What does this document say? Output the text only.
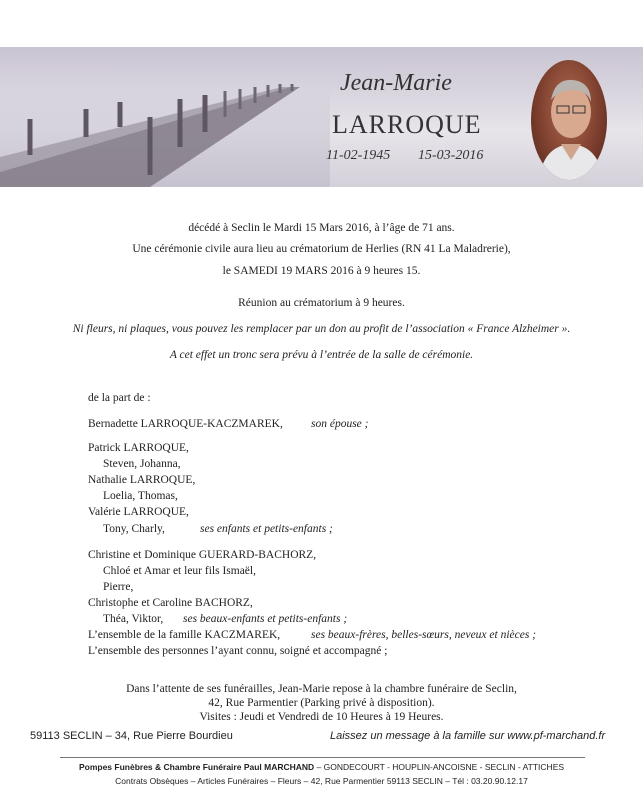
Jean-Marie
LARROQUE
11-02-1945 15-03-2016
décédé à Seclin le Mardi 15 Mars 2016, à l’âge de 71 ans.
Une cérémonie civile aura lieu au crématorium de Herlies (RN 41 La Maladrerie),
le SAMEDI 19 MARS 2016 à 9 heures 15.
Réunion au crématorium à 9 heures.
Ni fleurs, ni plaques, vous pouvez les remplacer par un don au profit de l’association « France Alzheimer ».
A cet effet un tronc sera prévu à l’entrée de la salle de cérémonie.
de la part de :
Bernadette LARROQUE-KACZMAREK, son épouse ;
Patrick LARROQUE,
Steven, Johanna,
Nathalie LARROQUE,
Loelia, Thomas,
Valérie LARROQUE,
Tony, Charly,	ses enfants et petits-enfants ;
Christine et Dominique GUERARD-BACHORZ,
Chloé et Amar et leur fils Ismaël,
Pierre,
Christophe et Caroline BACHORZ,
Théa, Viktor, ses beaux-enfants et petits-enfants ;
L’ensemble de la famille KACZMAREK,	ses beaux-frères, belles-sœurs, neveux et nièces ;
L’ensemble des personnes l’ayant connu, soigné et accompagné ;
Dans l’attente de ses funérailles, Jean-Marie repose à la chambre funéraire de Seclin,
42, Rue Parmentier (Parking privé à disposition).
Visites : Jeudi et Vendredi de 10 Heures à 19 Heures.
59113 SECLIN – 34, Rue Pierre Bourdieu	Laissez un message à la famille sur www.pf-marchand.fr
Pompes Funèbres & Chambre Funéraire Paul MARCHAND – GONDECOURT - HOUPLIN-ANCOISNE - SECLIN - ATTICHES
Contrats Obsèques – Articles Funéraires – Fleurs – 42, Rue Parmentier 59113 SECLIN – Tél : 03.20.90.12.17
